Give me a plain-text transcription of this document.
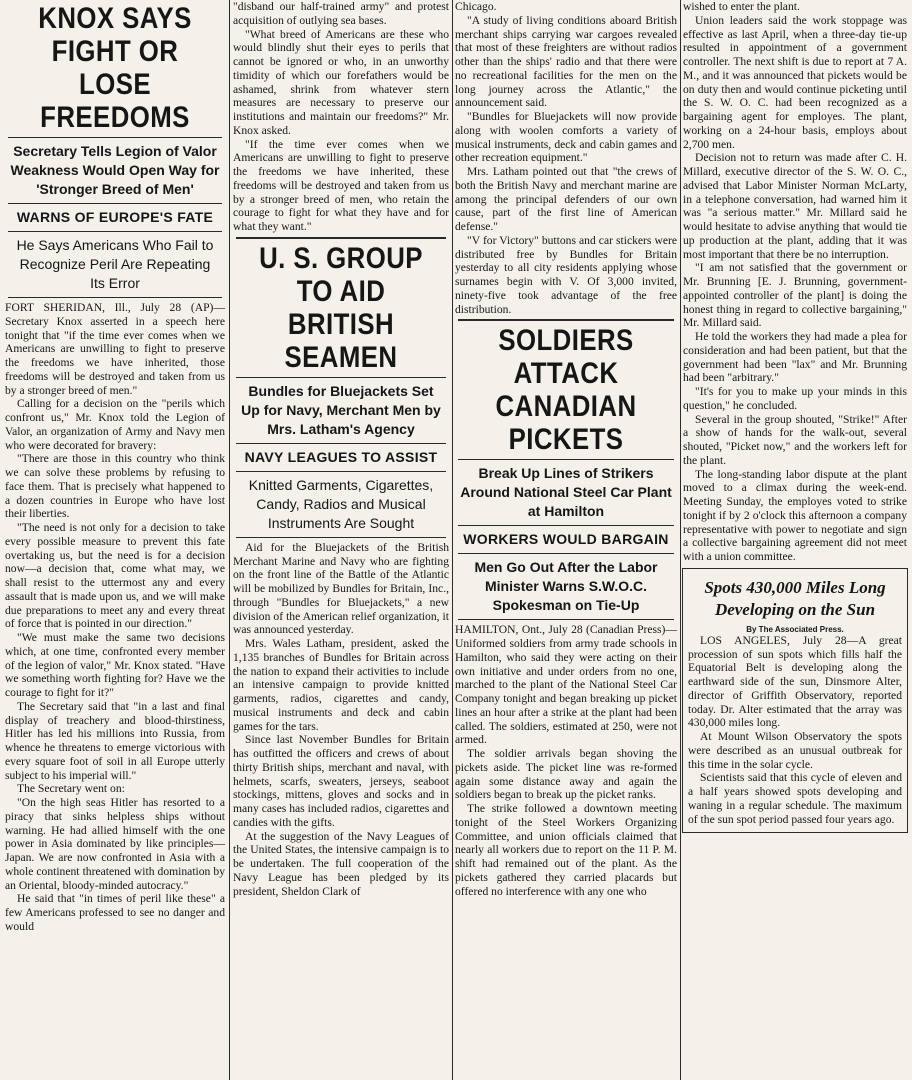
KNOX SAYS FIGHT OR LOSE FREEDOMS
Secretary Tells Legion of Valor Weakness Would Open Way for 'Stronger Breed of Men'
WARNS OF EUROPE'S FATE
He Says Americans Who Fail to Recognize Peril Are Repeating Its Error

FORT SHERIDAN, Ill., July 28 (AP)—Secretary Knox asserted in a speech here tonight that "if the time ever comes when we Americans are unwilling to fight to preserve the freedoms we have inherited, those freedoms will be destroyed and taken from us by a stronger breed of men."

Calling for a decision on the "perils which confront us," Mr. Knox told the Legion of Valor, an organization of Army and Navy men who were decorated for bravery:

"There are those in this country who think we can solve these problems by refusing to face them. That is precisely what happened to a dozen countries in Europe who have lost their liberties.

"The need is not only for a decision to take every possible measure to prevent this fate overtaking us, but the need is for a decision now—a decision that, come what may, we shall resist to the uttermost any and every assault that is made upon us, and we will make due preparations to meet any and every threat of force that is pointed in our direction."

"We must make the same two decisions which, at one time, confronted every member of the legion of valor," Mr. Knox stated. "Have we something worth fighting for? Have we the courage to fight for it?"

The Secretary said that "in a last and final display of treachery and blood-thirstiness, Hitler has led his millions into Russia, from whence he threatens to emerge victorious with every square foot of soil in all Europe utterly subject to his imperial will."

The Secretary went on:

"On the high seas Hitler has resorted to a piracy that sinks helpless ships without warning. He had allied himself with the one power in Asia dominated by like principles—Japan. We are now confronted in Asia with a whole continent threatened with domination by an Oriental, bloody-minded autocracy."

He said that "in times of peril like these" a few Americans professed to see no danger and would

"disband our half-trained army" and protest acquisition of outlying sea bases.

"What breed of Americans are these who would blindly shut their eyes to perils that cannot be ignored or who, in an unworthy timidity of which our forefathers would be ashamed, shrink from whatever stern measures are necessary to preserve our institutions and maintain our freedoms?" Mr. Knox asked.

"If the time ever comes when we Americans are unwilling to fight to preserve the freedoms we have inherited, these freedoms will be destroyed and taken from us by a stronger breed of men, who retain the courage to fight for what they have and for what they want."

U. S. GROUP TO AID BRITISH SEAMEN
Bundles for Bluejackets Set Up for Navy, Merchant Men by Mrs. Latham's Agency
NAVY LEAGUES TO ASSIST
Knitted Garments, Cigarettes, Candy, Radios and Musical Instruments Are Sought

Aid for the Bluejackets of the British Merchant Marine and Navy who are fighting on the front line of the Battle of the Atlantic will be mobilized by Bundles for Britain, Inc., through "Bundles for Bluejackets," a new division of the American relief organization, it was announced yesterday.

Mrs. Wales Latham, president, asked the 1,135 branches of Bundles for Britain across the nation to expand their activities to include an intensive campaign to provide knitted garments, radios, cigarettes and candy, musical instruments and deck and cabin games for the tars.

Since last November Bundles for Britain has outfitted the officers and crews of about thirty British ships, merchant and naval, with helmets, scarfs, sweaters, jerseys, seaboot stockings, mittens, gloves and socks and in many cases has included radios, cigarettes and candies with the gifts.

At the suggestion of the Navy Leagues of the United States, the intensive campaign is to be undertaken. The full cooperation of the Navy League has been pledged by its president, Sheldon Clark of

Chicago.

"A study of living conditions aboard British merchant ships carrying war cargoes revealed that most of these freighters are without radios other than the ships' radio and that there were no recreational facilities for the men on the long journey across the Atlantic," the announcement said.

"Bundles for Bluejackets will now provide along with woolen comforts a variety of musical instruments, deck and cabin games and other recreation equipment."

Mrs. Latham pointed out that "the crews of both the British Navy and merchant marine are among the principal defenders of our own cause, part of the first line of American defense."

"V for Victory" buttons and car stickers were distributed free by Bundles for Britain yesterday to all city residents applying whose surnames begin with V. Of 3,000 invited, ninety-five took advantage of the free distribution.

SOLDIERS ATTACK CANADIAN PICKETS
Break Up Lines of Strikers Around National Steel Car Plant at Hamilton
WORKERS WOULD BARGAIN
Men Go Out After the Labor Minister Warns S.W.O.C. Spokesman on Tie-Up

HAMILTON, Ont., July 28 (Canadian Press)—Uniformed soldiers from army trade schools in Hamilton, who said they were acting on their own initiative and under orders from no one, marched to the plant of the National Steel Car Company tonight and began breaking up picket lines an hour after a strike at the plant had been called. The soldiers, estimated at 250, were not armed.

The soldier arrivals began shoving the pickets aside. The picket line was re-formed again some distance away and again the soldiers began to break up the picket ranks.

The strike followed a downtown meeting tonight of the Steel Workers Organizing Committee, and union officials claimed that nearly all workers due to report on the 11 P. M. shift had remained out of the plant. As the pickets gathered they carried placards but offered no interference with any one who

wished to enter the plant.

Union leaders said the work stoppage was effective as last April, when a three-day tie-up resulted in appointment of a government controller. The next shift is due to report at 7 A. M., and it was announced that pickets would be on duty then and would continue picketing until the S. W. O. C. had been recognized as a bargaining agent for employes. The plant, working on a 24-hour basis, employs about 2,700 men.

Decision not to return was made after C. H. Millard, executive director of the S. W. O. C., advised that Labor Minister Norman McLarty, in a telephone conversation, had warned him it was "a serious matter." Mr. Millard said he would hesitate to advise anything that would tie up production at the plant, adding that it was most important that there be no interruption.

"I am not satisfied that the government or Mr. Brunning [E. J. Brunning, government-appointed controller of the plant] is doing the honest thing in regard to collective bargaining," Mr. Millard said.

He told the workers they had made a plea for consideration and had been patient, but that the government had been "lax" and Mr. Brunning had been "arbitrary."

"It's for you to make up your minds in this question," he concluded.

Several in the group shouted, "Strike!" After a show of hands for the walk-out, several shouted, "Picket now," and the workers left for the plant.

The long-standing labor dispute at the plant moved to a climax during the week-end. Meeting Sunday, the employes voted to strike tonight if by 2 o'clock this afternoon a company representative with power to negotiate and sign a collective bargaining agreement did not meet with a union committee.

Spots 430,000 Miles Long Developing on the Sun
By The Associated Press.

LOS ANGELES, July 28—A great procession of sun spots which fills half the Equatorial Belt is developing along the earthward side of the sun, Dinsmore Alter, director of Griffith Observatory, reported today. Dr. Alter estimated that the array was 430,000 miles long.

At Mount Wilson Observatory the spots were described as an unusual outbreak for this time in the solar cycle.

Scientists said that this cycle of eleven and a half years showed spots developing and waning in a regular schedule. The maximum of the sun spot period passed four years ago.
